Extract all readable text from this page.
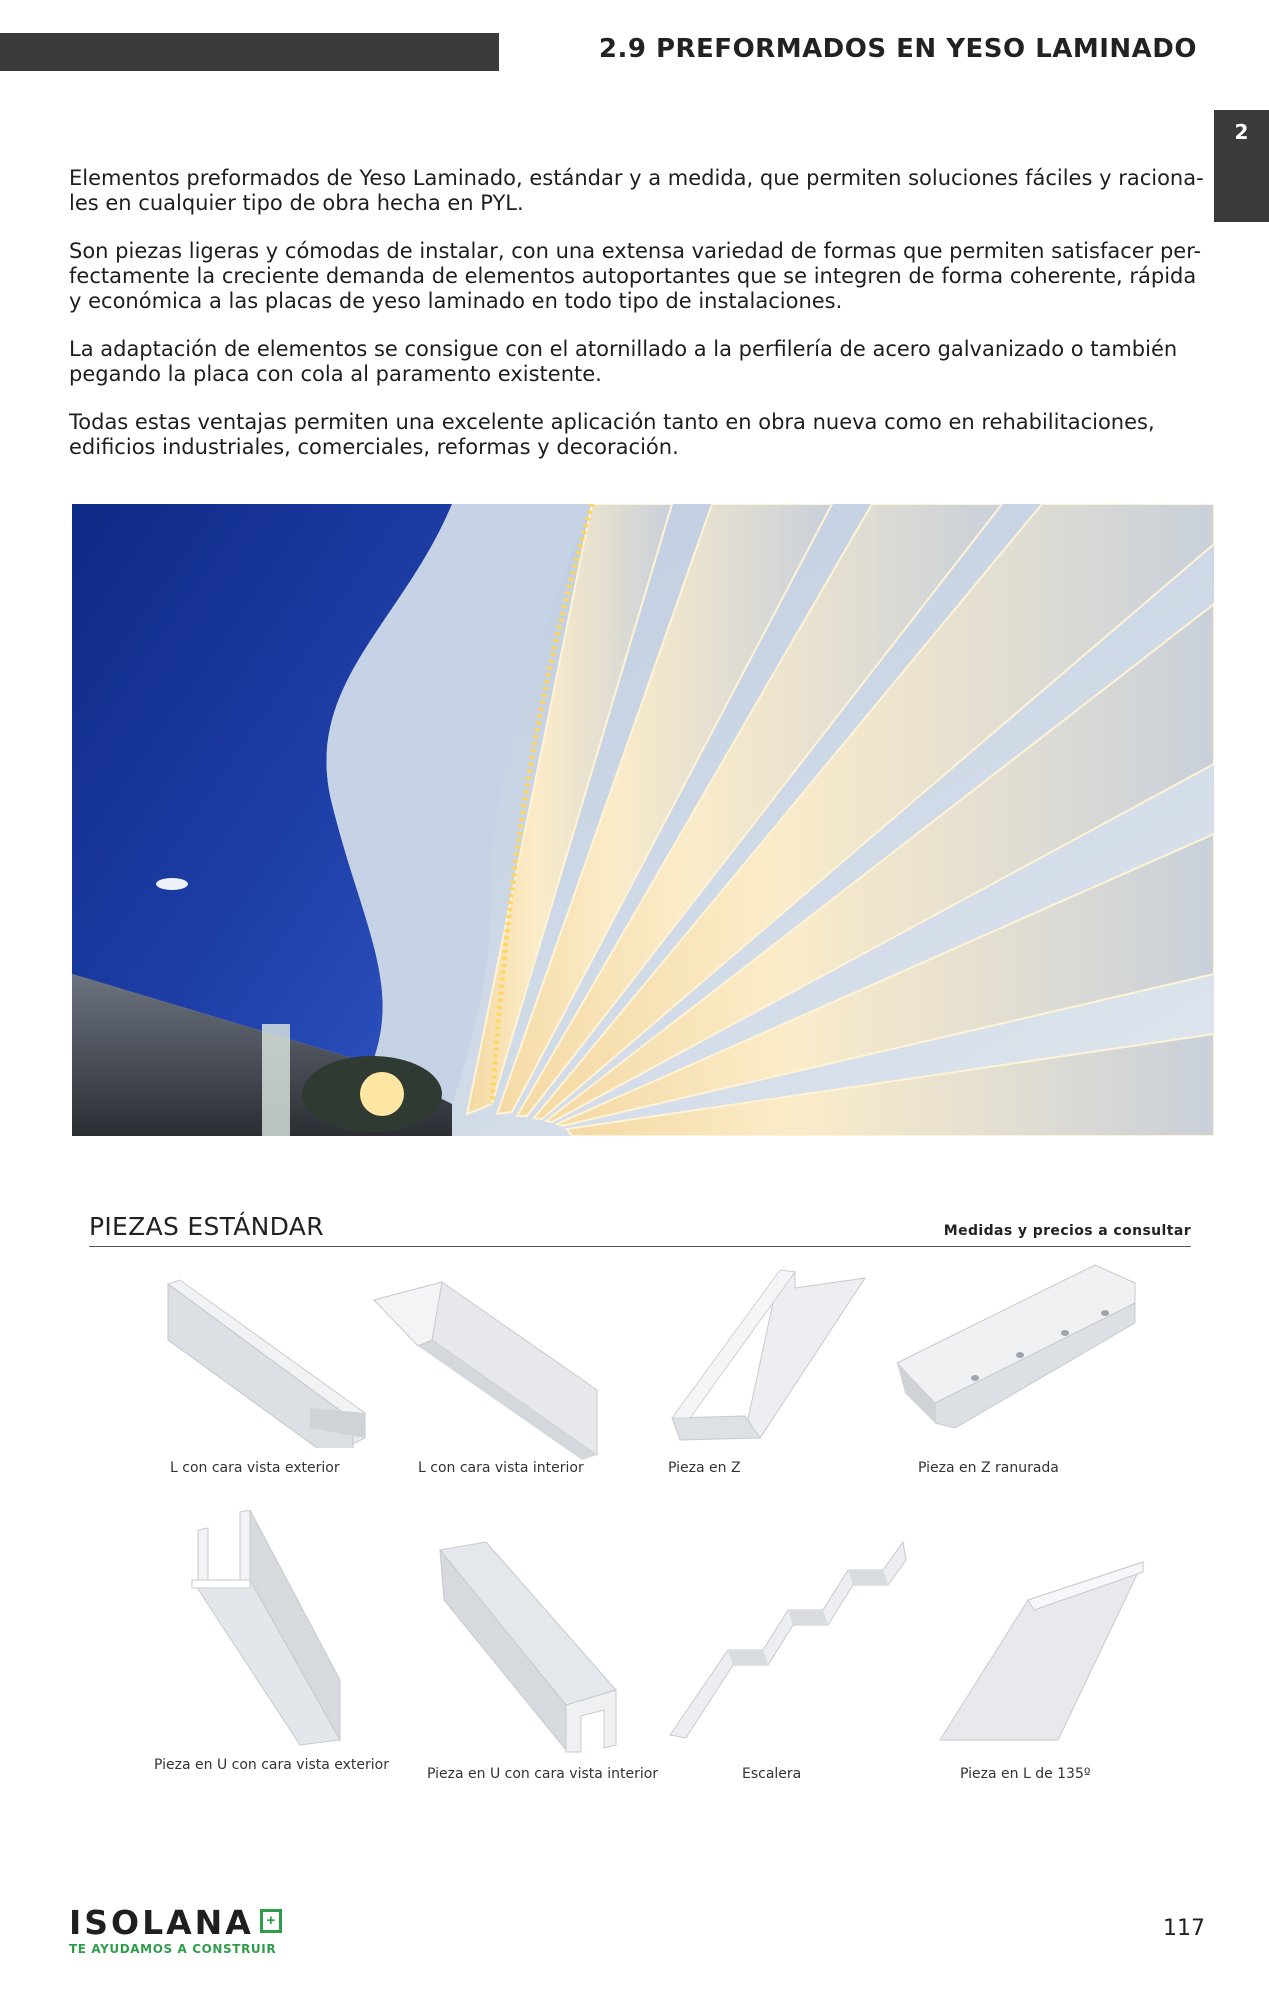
2.9 PREFORMADOS EN YESO LAMINADO
2

Elementos preformados de Yeso Laminado, estándar y a medida, que permiten soluciones fáciles y raciona-les en cualquier tipo de obra hecha en PYL.

Son piezas ligeras y cómodas de instalar, con una extensa variedad de formas que permiten satisfacer per-fectamente la creciente demanda de elementos autoportantes que se integren de forma coherente, rápida y económica a las placas de yeso laminado en todo tipo de instalaciones.

La adaptación de elementos se consigue con el atornillado a la perfilería de acero galvanizado o también pegando la placa con cola al paramento existente.

Todas estas ventajas permiten una excelente aplicación tanto en obra nueva como en rehabilitaciones, edificios industriales, comerciales, reformas y decoración.

PIEZAS ESTÁNDAR	Medidas y precios a consultar
L con cara vista exterior	L con cara vista interior	Pieza en Z	Pieza en Z ranurada
Pieza en U con cara vista exterior
Pieza en U con cara vista interior	Escalera	Pieza en L de 135º
ISOLANA +
TE AYUDAMOS A CONSTRUIR
117
